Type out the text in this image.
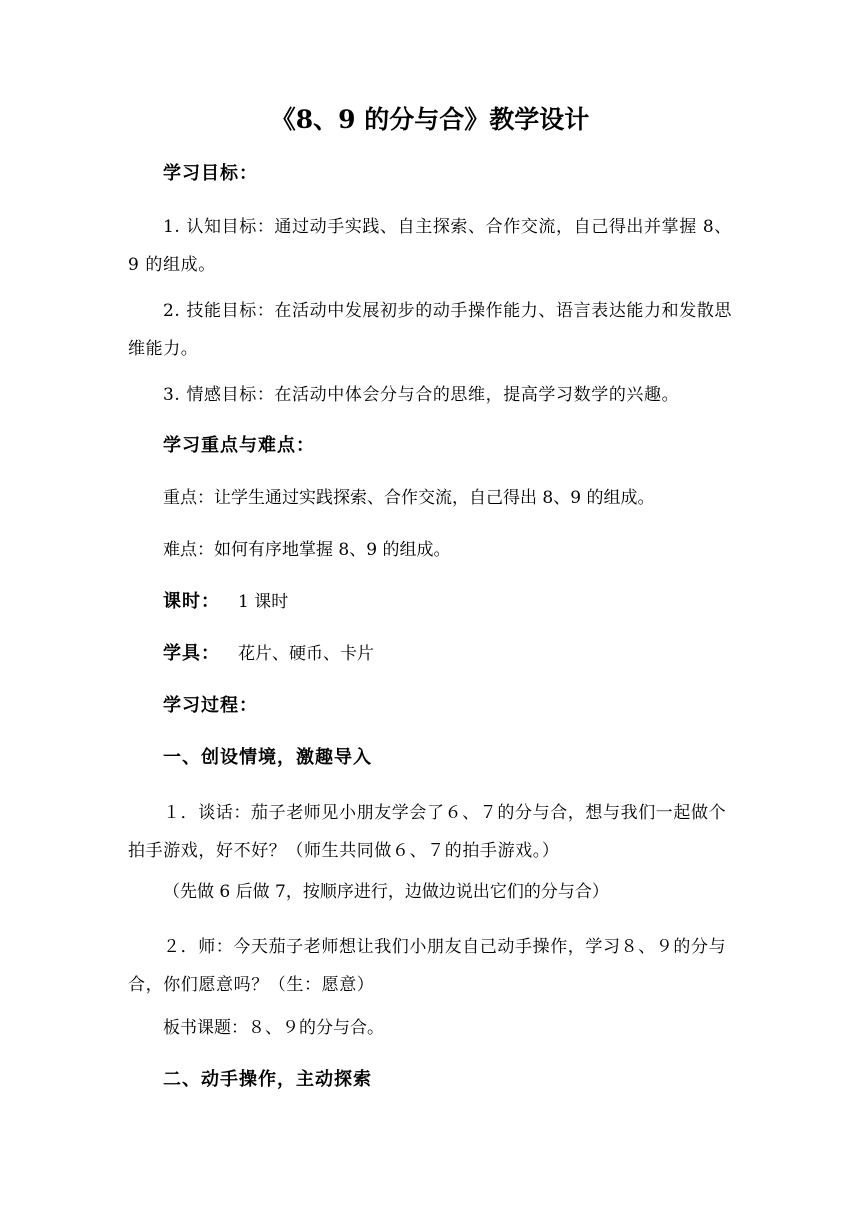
《8、9 的分与合》教学设计
学习目标：
1. 认知目标：通过动手实践、自主探索、合作交流，自己得出并掌握 8、9 的组成。
2. 技能目标：在活动中发展初步的动手操作能力、语言表达能力和发散思维能力。
3. 情感目标：在活动中体会分与合的思维，提高学习数学的兴趣。
学习重点与难点：
重点：让学生通过实践探索、合作交流，自己得出 8、9 的组成。
难点：如何有序地掌握 8、9 的组成。
课时： 1 课时
学具： 花片、硬币、卡片
学习过程：
一、创设情境，激趣导入
１．谈话：茄子老师见小朋友学会了６、７的分与合，想与我们一起做个拍手游戏，好不好？（师生共同做６、７的拍手游戏。）
（先做 6 后做 7，按顺序进行，边做边说出它们的分与合）
２．师：今天茄子老师想让我们小朋友自己动手操作，学习８、９的分与合，你们愿意吗？（生：愿意）
板书课题：８、９的分与合。
二、动手操作，主动探索
